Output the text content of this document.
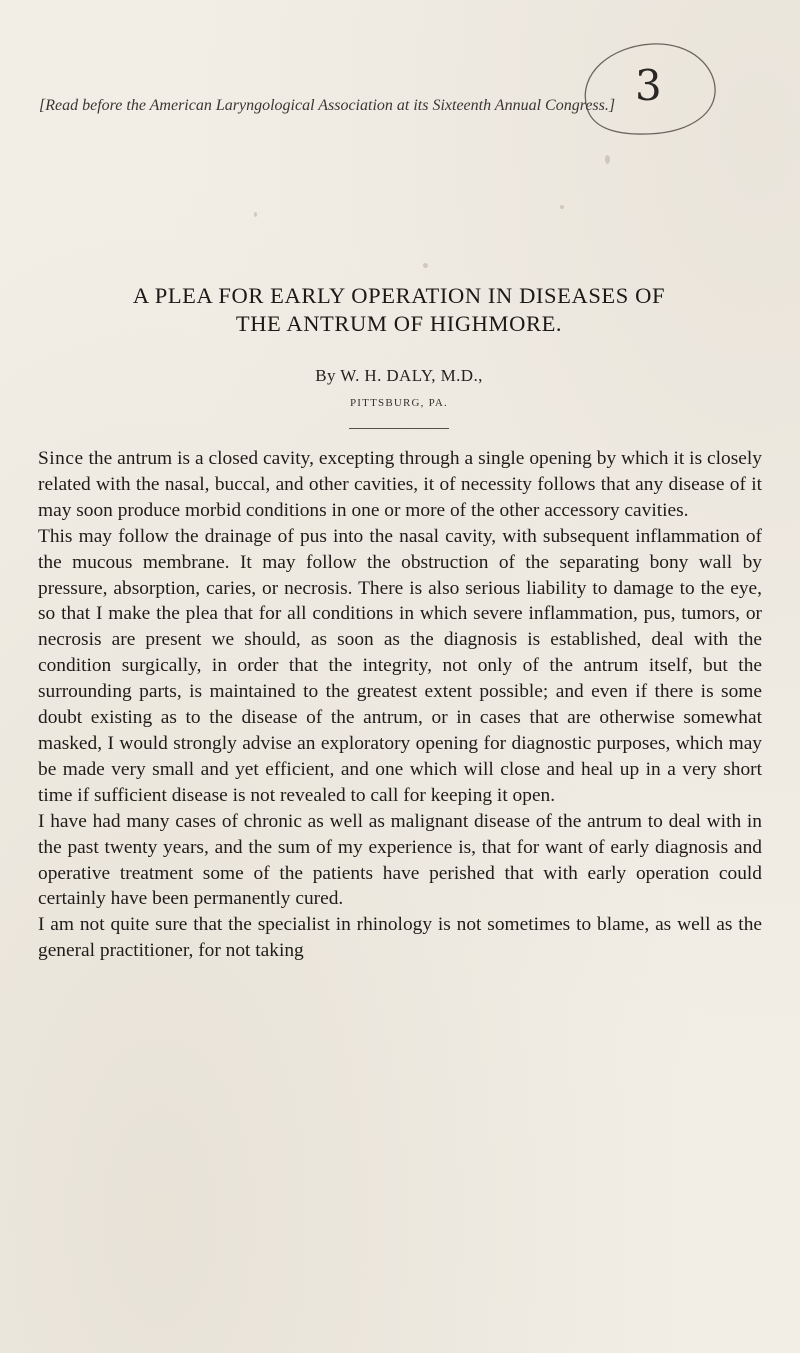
3
[Read before the American Laryngological Association at its Sixteenth Annual Congress.]
A PLEA FOR EARLY OPERATION IN DISEASES OF
THE ANTRUM OF HIGHMORE.
By W. H. DALY, M.D.,
PITTSBURG, PA.

Since the antrum is a closed cavity, excepting through a single opening by which it is closely related with the nasal, buccal, and other cavities, it of necessity follows that any disease of it may soon produce morbid conditions in one or more of the other accessory cavities.

This may follow the drainage of pus into the nasal cavity, with subsequent inflammation of the mucous membrane. It may follow the obstruction of the separating bony wall by pressure, absorption, caries, or necrosis. There is also serious liability to damage to the eye, so that I make the plea that for all conditions in which severe inflammation, pus, tumors, or necrosis are present we should, as soon as the diagnosis is established, deal with the condition surgically, in order that the integrity, not only of the antrum itself, but the surrounding parts, is maintained to the greatest extent possible; and even if there is some doubt existing as to the disease of the antrum, or in cases that are otherwise somewhat masked, I would strongly advise an exploratory opening for diagnostic purposes, which may be made very small and yet efficient, and one which will close and heal up in a very short time if sufficient disease is not revealed to call for keeping it open.

I have had many cases of chronic as well as malignant disease of the antrum to deal with in the past twenty years, and the sum of my experience is, that for want of early diagnosis and operative treatment some of the patients have perished that with early operation could certainly have been permanently cured.

I am not quite sure that the specialist in rhinology is not sometimes to blame, as well as the general practitioner, for not taking
